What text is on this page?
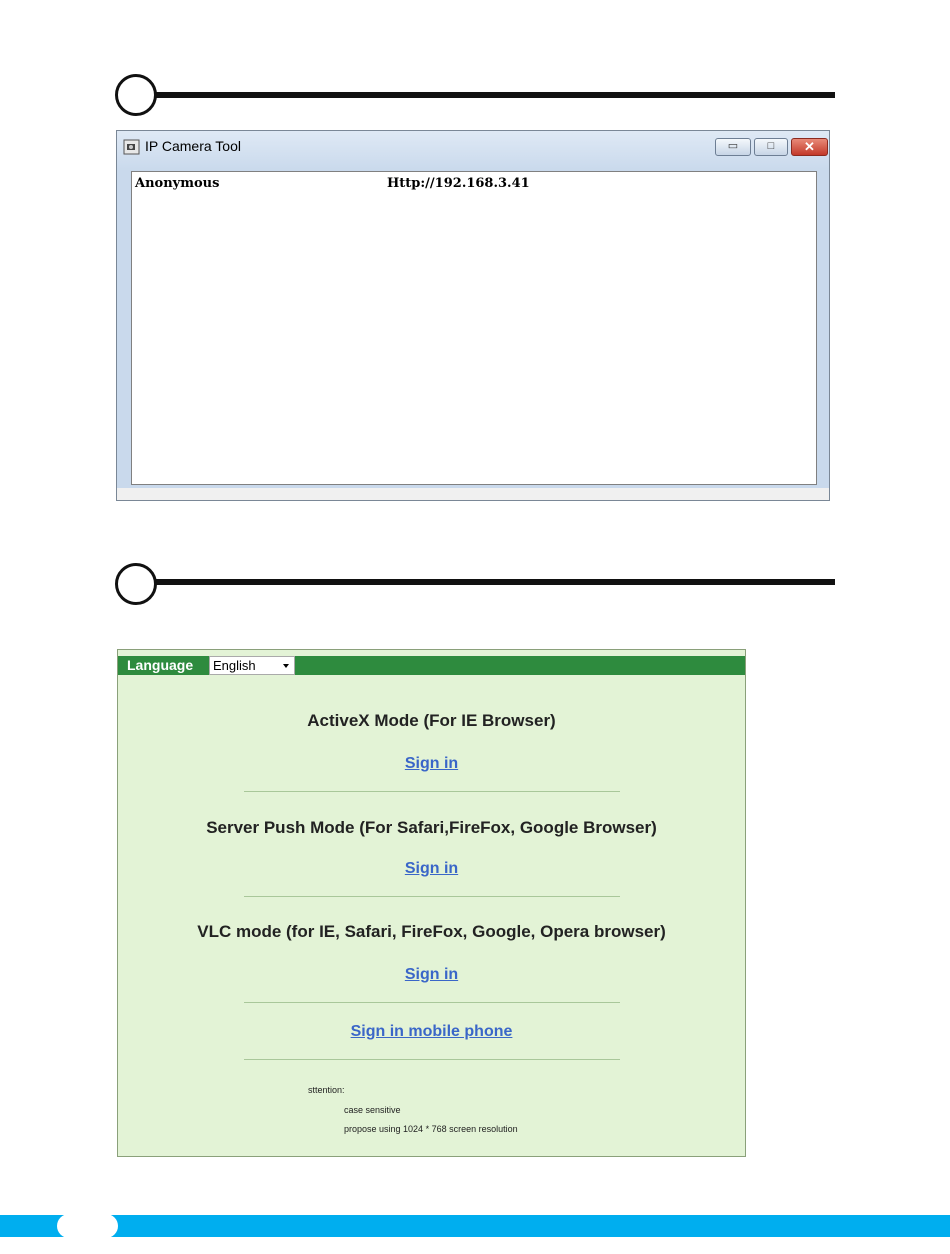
IP Camera Tool	▭	□	✕
Anonymous	Http://192.168.3.41
Language	English
ActiveX Mode (For IE Browser)
Sign in
Server Push Mode (For Safari,FireFox, Google Browser)
Sign in
VLC mode (for IE, Safari, FireFox, Google, Opera browser)
Sign in
Sign in mobile phone
sttention:
case sensitive
propose using 1024 * 768 screen resolution
